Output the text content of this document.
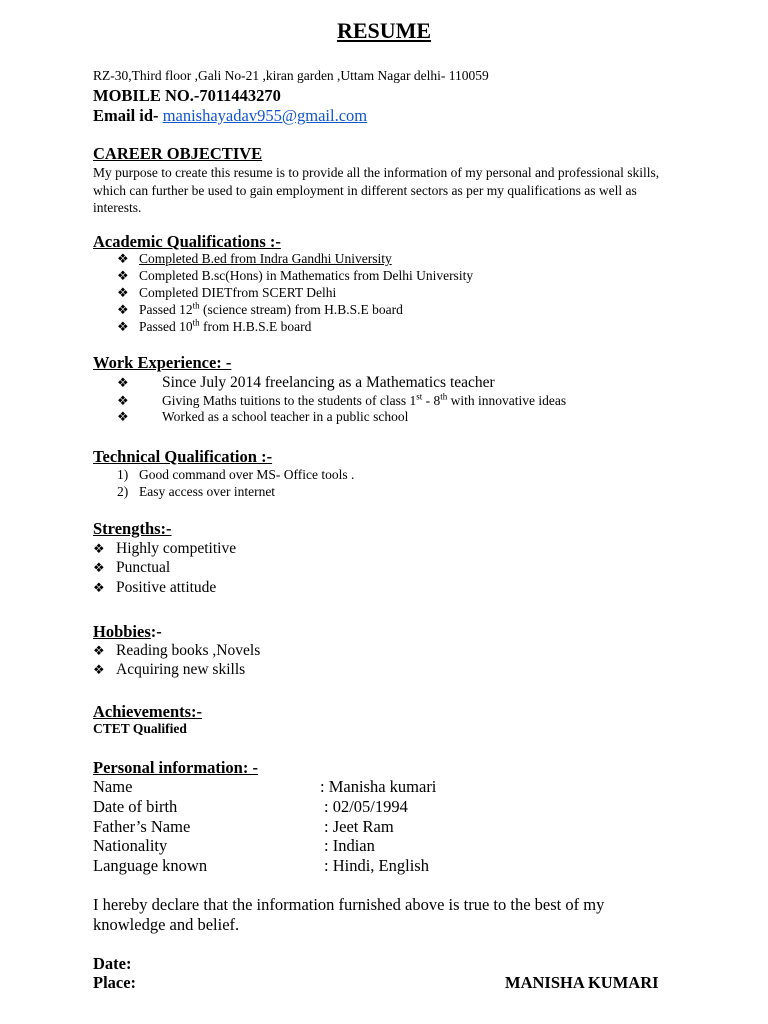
RESUME
RZ-30,Third floor ,Gali No-21 ,kiran garden ,Uttam Nagar delhi- 110059
MOBILE NO.-7011443270
Email id- manishayadav955@gmail.com
CAREER OBJECTIVE
My purpose to create this resume is to provide all the information of my personal and professional skills, which can further be used to gain employment in different sectors as per my qualifications as well as interests.
Academic Qualifications :-
❖ Completed B.ed from Indra Gandhi University
❖ Completed B.sc(Hons) in Mathematics from Delhi University
❖ Completed DIETfrom SCERT Delhi
❖ Passed 12th (science stream) from H.B.S.E board
❖ Passed 10th from H.B.S.E board
Work Experience: -
❖ Since July 2014 freelancing as a Mathematics teacher
❖ Giving Maths tuitions to the students of class 1st - 8th with innovative ideas
❖ Worked as a school teacher in a public school
Technical Qualification :-
1) Good command over MS- Office tools .
2) Easy access over internet
Strengths:-
❖ Highly competitive
❖ Punctual
❖ Positive attitude
Hobbies:-
❖ Reading books ,Novels
❖ Acquiring new skills
Achievements:-
CTET Qualified
Personal information: -
Name	: Manisha kumari
Date of birth	: 02/05/1994
Father’s Name	: Jeet Ram
Nationality	: Indian
Language known	: Hindi, English
I hereby declare that the information furnished above is true to the best of my knowledge and belief.
Date:
Place:	MANISHA KUMARI
